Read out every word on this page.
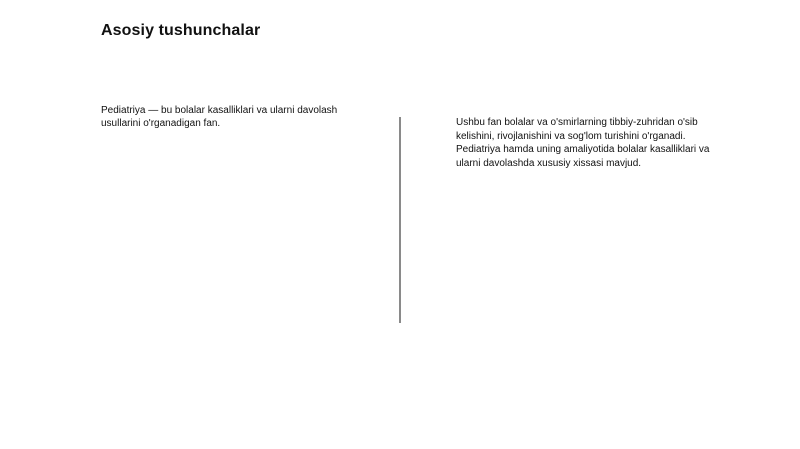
Asosiy tushunchalar

Pediatriya — bu bolalar kasalliklari va ularni davolash usullarini o'rganadigan fan.	Ushbu fan bolalar va o'smirlarning tibbiy-zuhridan o'sib kelishini, rivojlanishini va sog'lom turishini o'rganadi. Pediatriya hamda uning amaliyotida bolalar kasalliklari va ularni davolashda xususiy xissasi mavjud.
